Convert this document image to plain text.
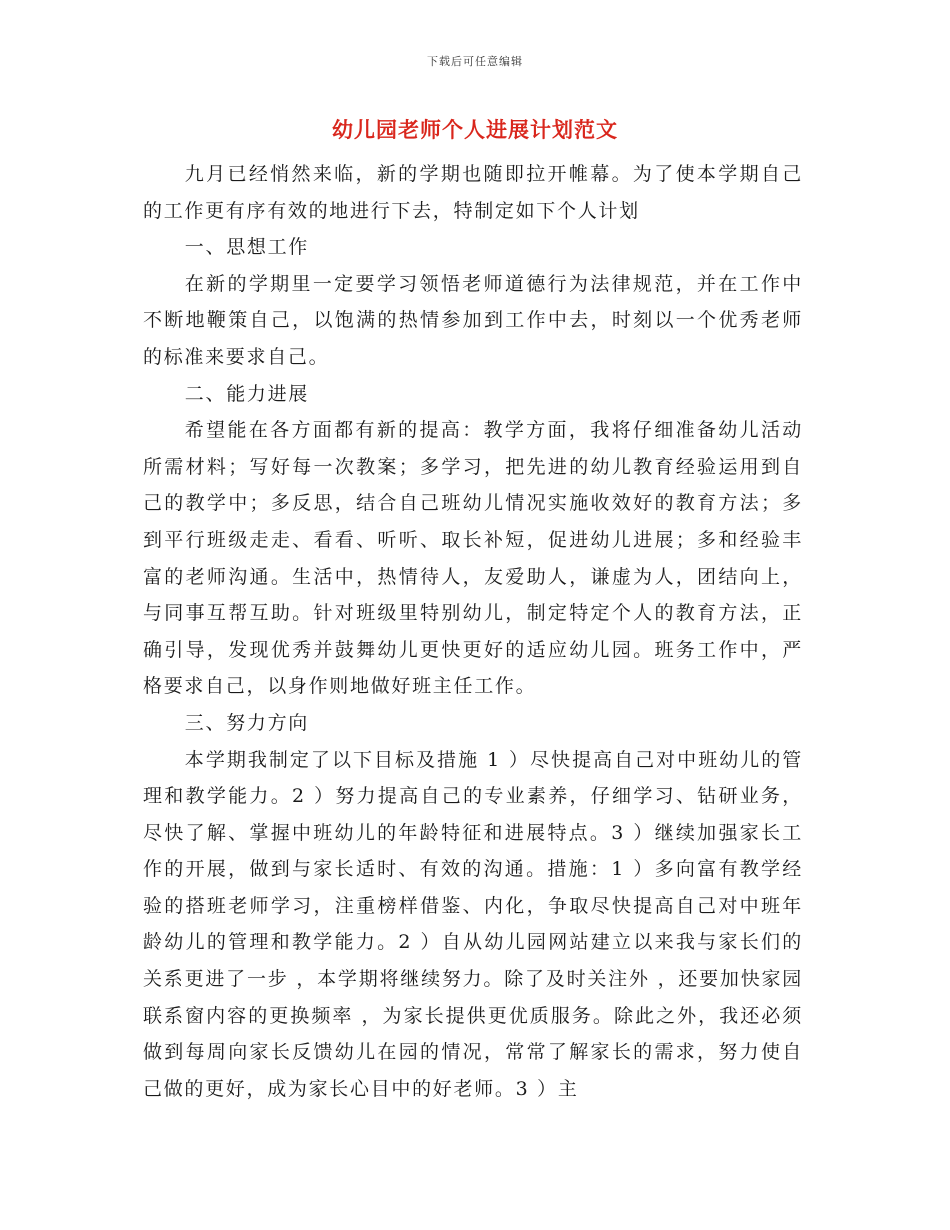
下载后可任意编辑
幼儿园老师个人进展计划范文

九月已经悄然来临，新的学期也随即拉开帷幕。为了使本学期自己的工作更有序有效的地进行下去，特制定如下个人计划

一、思想工作

在新的学期里一定要学习领悟老师道德行为法律规范，并在工作中不断地鞭策自己，以饱满的热情参加到工作中去，时刻以一个优秀老师的标准来要求自己。

二、能力进展

希望能在各方面都有新的提高：教学方面，我将仔细准备幼儿活动所需材料；写好每一次教案；多学习，把先进的幼儿教育经验运用到自己的教学中；多反思，结合自己班幼儿情况实施收效好的教育方法；多到平行班级走走、看看、听听、取长补短，促进幼儿进展；多和经验丰富的老师沟通。生活中，热情待人，友爱助人，谦虚为人，团结向上，与同事互帮互助。针对班级里特别幼儿，制定特定个人的教育方法，正确引导，发现优秀并鼓舞幼儿更快更好的适应幼儿园。班务工作中，严格要求自己，以身作则地做好班主任工作。

三、努力方向

本学期我制定了以下目标及措施 1 ）尽快提高自己对中班幼儿的管理和教学能力。2 ）努力提高自己的专业素养，仔细学习、钻研业务，尽快了解、掌握中班幼儿的年龄特征和进展特点。3 ）继续加强家长工作的开展，做到与家长适时、有效的沟通。措施：1 ）多向富有教学经验的搭班老师学习，注重榜样借鉴、内化，争取尽快提高自己对中班年龄幼儿的管理和教学能力。2 ）自从幼儿园网站建立以来我与家长们的关系更进了一步 ，本学期将继续努力。除了及时关注外 ，还要加快家园联系窗内容的更换频率 ，为家长提供更优质服务。除此之外，我还必须做到每周向家长反馈幼儿在园的情况，常常了解家长的需求，努力使自己做的更好，成为家长心目中的好老师。3 ）主
